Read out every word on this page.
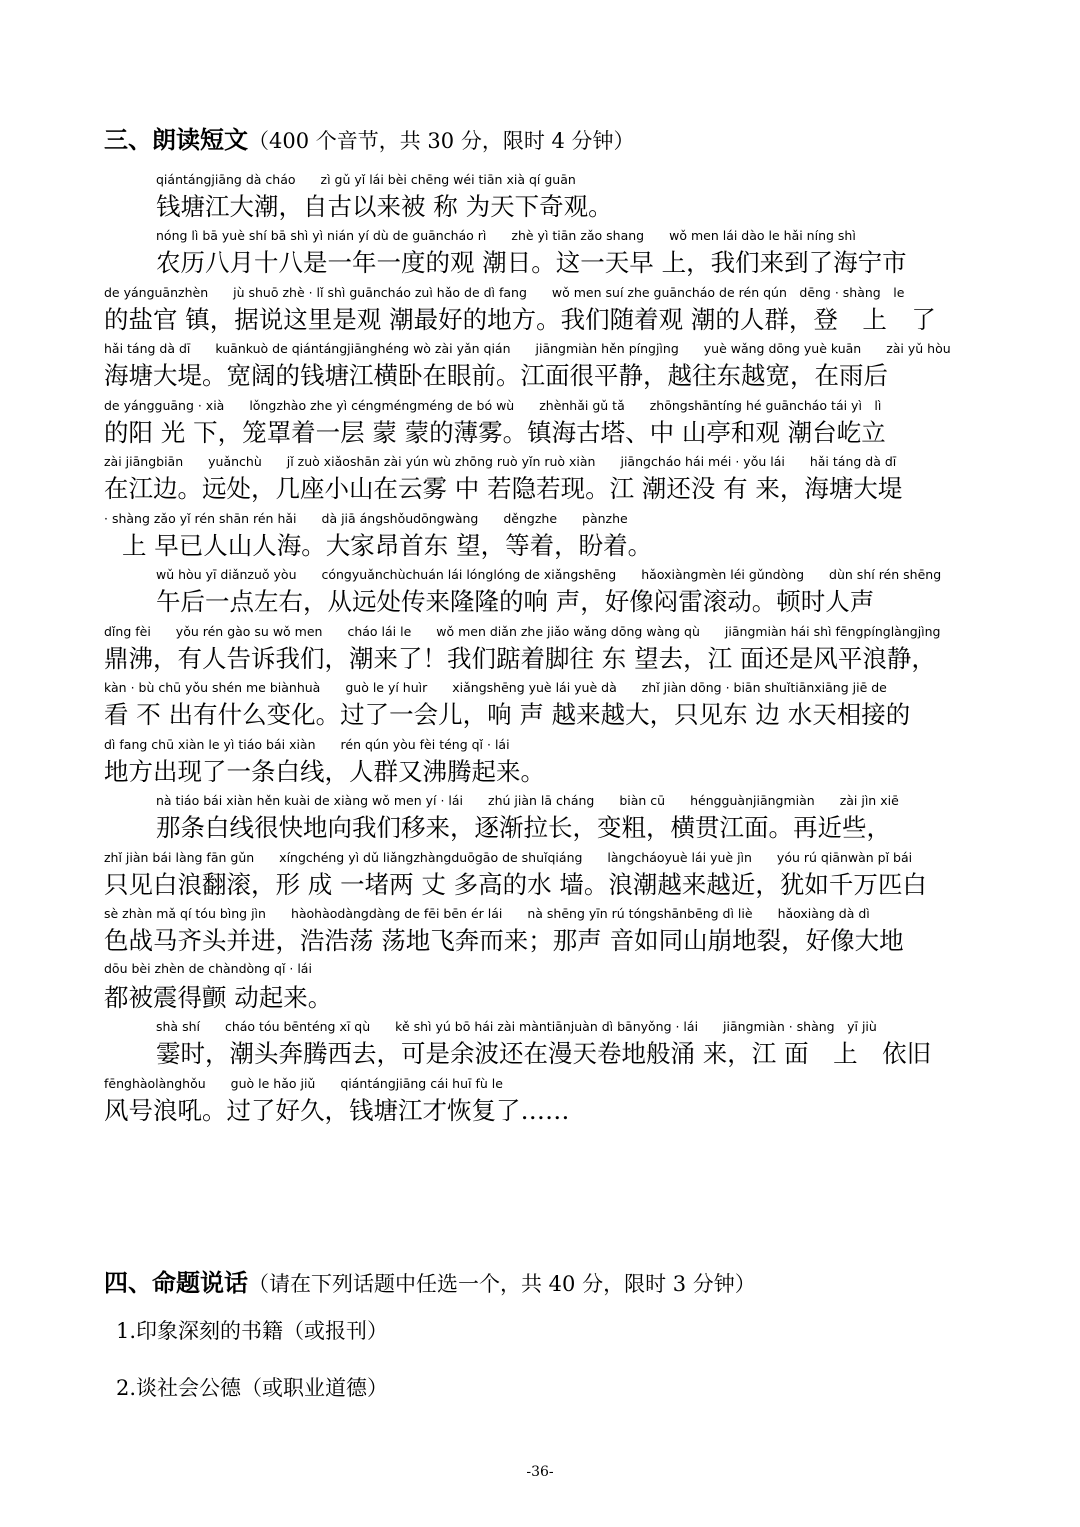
三、朗读短文（400 个音节，共 30 分，限时 4 分钟）
qiántángjiāng dà cháo　　zì gǔ yǐ lái bèi chēng wéi tiān xià qí guān
钱塘江大潮，自古以来被 称 为天下奇观。
nóng lì bā yuè shí bā shì yì nián yí dù de guāncháo rì　　zhè yì tiān zǎo shang　　wǒ men lái dào le hǎi níng shì
农历八月十八是一年一度的观 潮日。这一天早 上，我们来到了海宁市
de yánguānzhèn　　jù shuō zhè · lǐ shì guāncháo zuì hǎo de dì fang　　wǒ men suí zhe guāncháo de rén qún　dēng · shàng　le
的盐官 镇，据说这里是观 潮最好的地方。我们随着观 潮的人群，登　上　了
hǎi táng dà dī　　kuānkuò de qiántángjiānghéng wò zài yǎn qián　　jiāngmiàn hěn píngjìng　　yuè wǎng dōng yuè kuān　　zài yǔ hòu
海塘大堤。宽阔的钱塘江横卧在眼前。江面很平静，越往东越宽，在雨后
de yángguāng · xià　　lǒngzhào zhe yì céngméngméng de bó wù　　zhènhǎi gǔ tǎ　　zhōngshāntíng hé guāncháo tái yì　lì
的阳 光 下，笼罩着一层 蒙 蒙的薄雾。镇海古塔、中 山亭和观 潮台屹立
zài jiāngbiān　　yuǎnchù　　jǐ zuò xiǎoshān zài yún wù zhōng ruò yǐn ruò xiàn　　jiāngcháo hái méi · yǒu lái　　hǎi táng dà dī
在江边。远处，几座小山在云雾 中 若隐若现。江 潮还没 有 来，海塘大堤
· shàng zǎo yǐ rén shān rén hǎi　　dà jiā ángshǒudōngwàng　　děngzhe　　pànzhe
上 早已人山人海。大家昂首东 望，等着，盼着。
wǔ hòu yī diǎnzuǒ yòu　　cóngyuǎnchùchuán lái lónglóng de xiǎngshēng　　hǎoxiàngmèn léi gǔndòng　　dùn shí rén shēng
午后一点左右，从远处传来隆隆的响 声，好像闷雷滚动。顿时人声
dǐng fèi　　yǒu rén gào su wǒ men　　cháo lái le　　wǒ men diǎn zhe jiǎo wǎng dōng wàng qù　　jiāngmiàn hái shì fēngpínglàngjìng
鼎沸，有人告诉我们，潮来了！我们踮着脚往 东 望去，江 面还是风平浪静，
kàn · bù chū yǒu shén me biànhuà　　guò le yí huìr　　xiǎngshēng yuè lái yuè dà　　zhǐ jiàn dōng · biān shuǐtiānxiāng jiē de
看 不 出有什么变化。过了一会儿，响 声 越来越大，只见东 边 水天相接的
dì fang chū xiàn le yì tiáo bái xiàn　　rén qún yòu fèi téng qǐ · lái
地方出现了一条白线，人群又沸腾起来。
nà tiáo bái xiàn hěn kuài de xiàng wǒ men yí · lái　　zhú jiàn lā cháng　　biàn cū　　héngguànjiāngmiàn　　zài jìn xiē
那条白线很快地向我们移来，逐渐拉长，变粗，横贯江面。再近些，
zhǐ jiàn bái làng fān gǔn　　xíngchéng yì dǔ liǎngzhàngduōgāo de shuǐqiáng　　làngcháoyuè lái yuè jìn　　yóu rú qiānwàn pǐ bái
只见白浪翻滚，形 成 一堵两 丈 多高的水 墙。浪潮越来越近，犹如千万匹白
sè zhàn mǎ qí tóu bìng jìn　　hàohàodàngdàng de fēi bēn ér lái　　nà shēng yīn rú tóngshānbēng dì liè　　hǎoxiàng dà dì
色战马齐头并进，浩浩荡 荡地飞奔而来；那声 音如同山崩地裂，好像大地
dōu bèi zhèn de chàndòng qǐ · lái
都被震得颤 动起来。
shà shí　　cháo tóu bēnténg xī qù　　kě shì yú bō hái zài màntiānjuàn dì bānyǒng · lái　　jiāngmiàn · shàng　yī jiù
霎时，潮头奔腾西去，可是余波还在漫天卷地般涌 来，江 面　上　依旧
fēnghàolànghǒu　　guò le hǎo jiǔ　　qiántángjiāng cái huī fù le
风号浪吼。过了好久，钱塘江才恢复了……
四、命题说话（请在下列话题中任选一个，共 40 分，限时 3 分钟）
1.印象深刻的书籍（或报刊）
2.谈社会公德（或职业道德）
-36-
